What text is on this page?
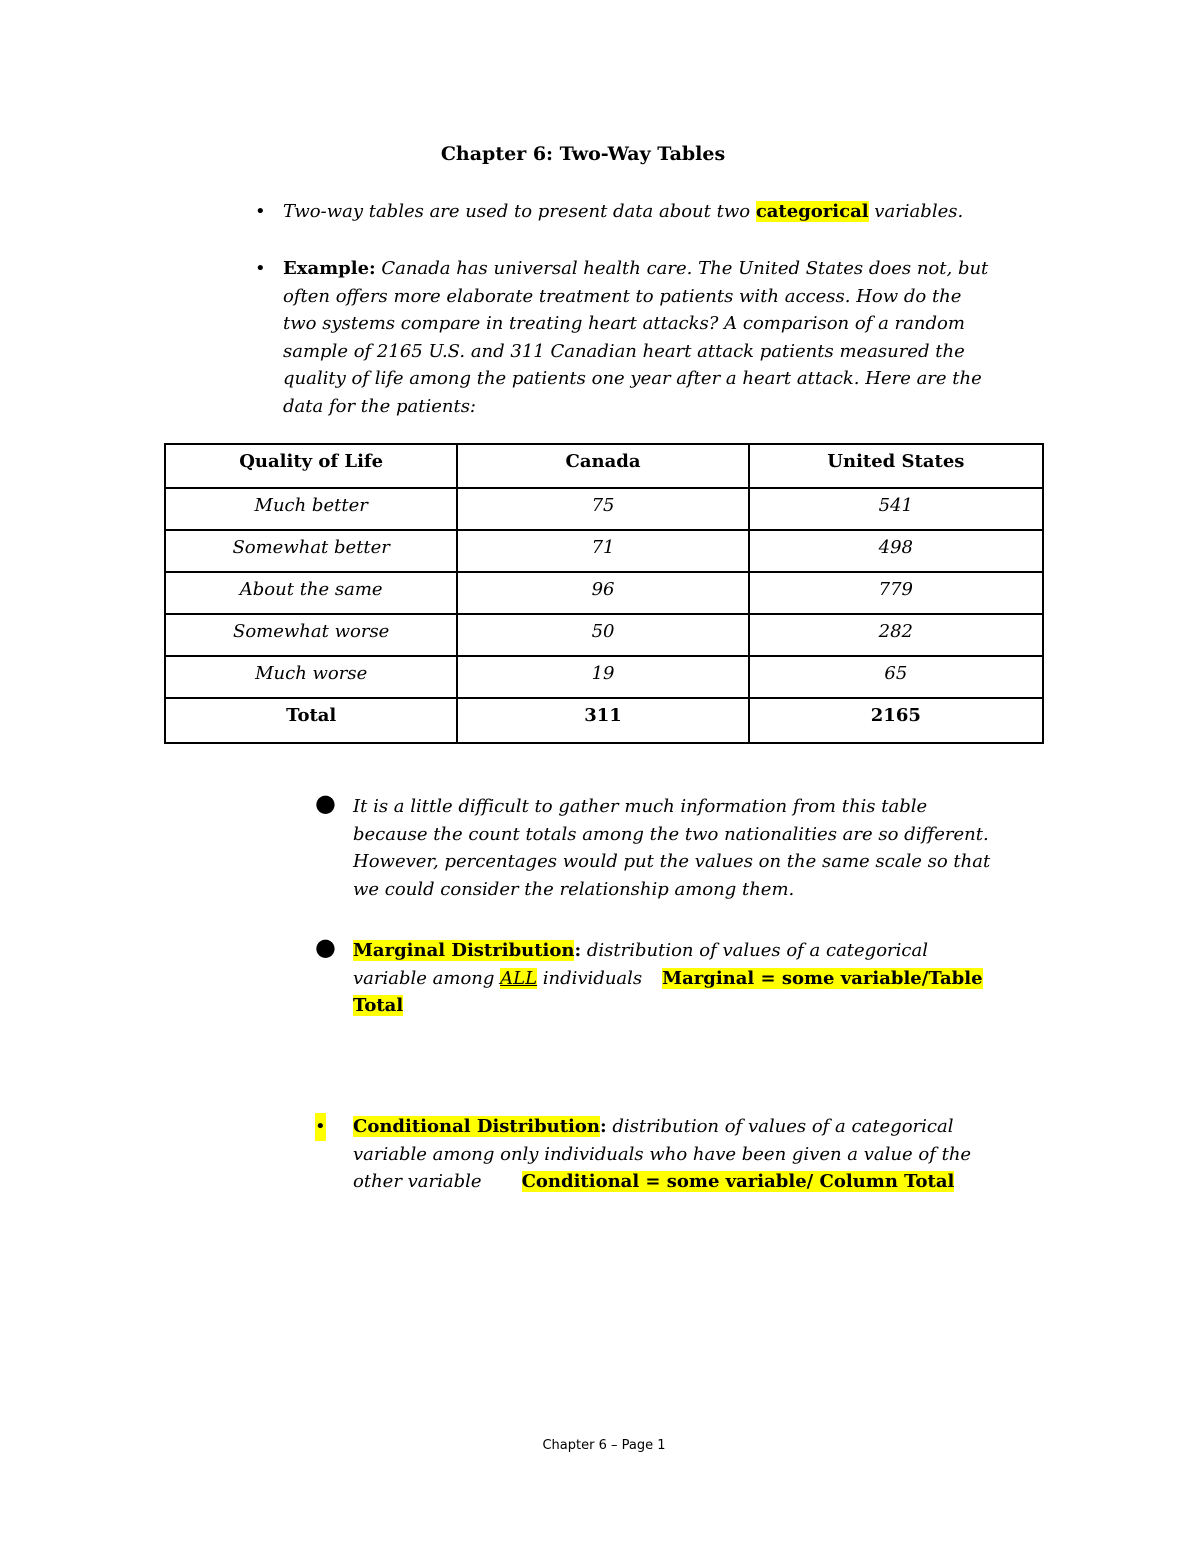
Chapter 6: Two-Way Tables
• Two-way tables are used to present data about two categorical variables.
• Example: Canada has universal health care. The United States does not, but
often offers more elaborate treatment to patients with access. How do the
two systems compare in treating heart attacks? A comparison of a random
sample of 2165 U.S. and 311 Canadian heart attack patients measured the
quality of life among the patients one year after a heart attack. Here are the
data for the patients:
Quality of Life	Canada	United States
Much better	75	541
Somewhat better	71	498
About the same	96	779
Somewhat worse	50	282
Much worse	19	65
Total	311	2165
● It is a little difficult to gather much information from this table
because the count totals among the two nationalities are so different.
However, percentages would put the values on the same scale so that
we could consider the relationship among them.
● Marginal Distribution: distribution of values of a categorical
variable among ALL individuals Marginal = some variable/Table
Total
• Conditional Distribution: distribution of values of a categorical
variable among only individuals who have been given a value of the
other variable Conditional = some variable/ Column Total
Chapter 6 – Page 1
